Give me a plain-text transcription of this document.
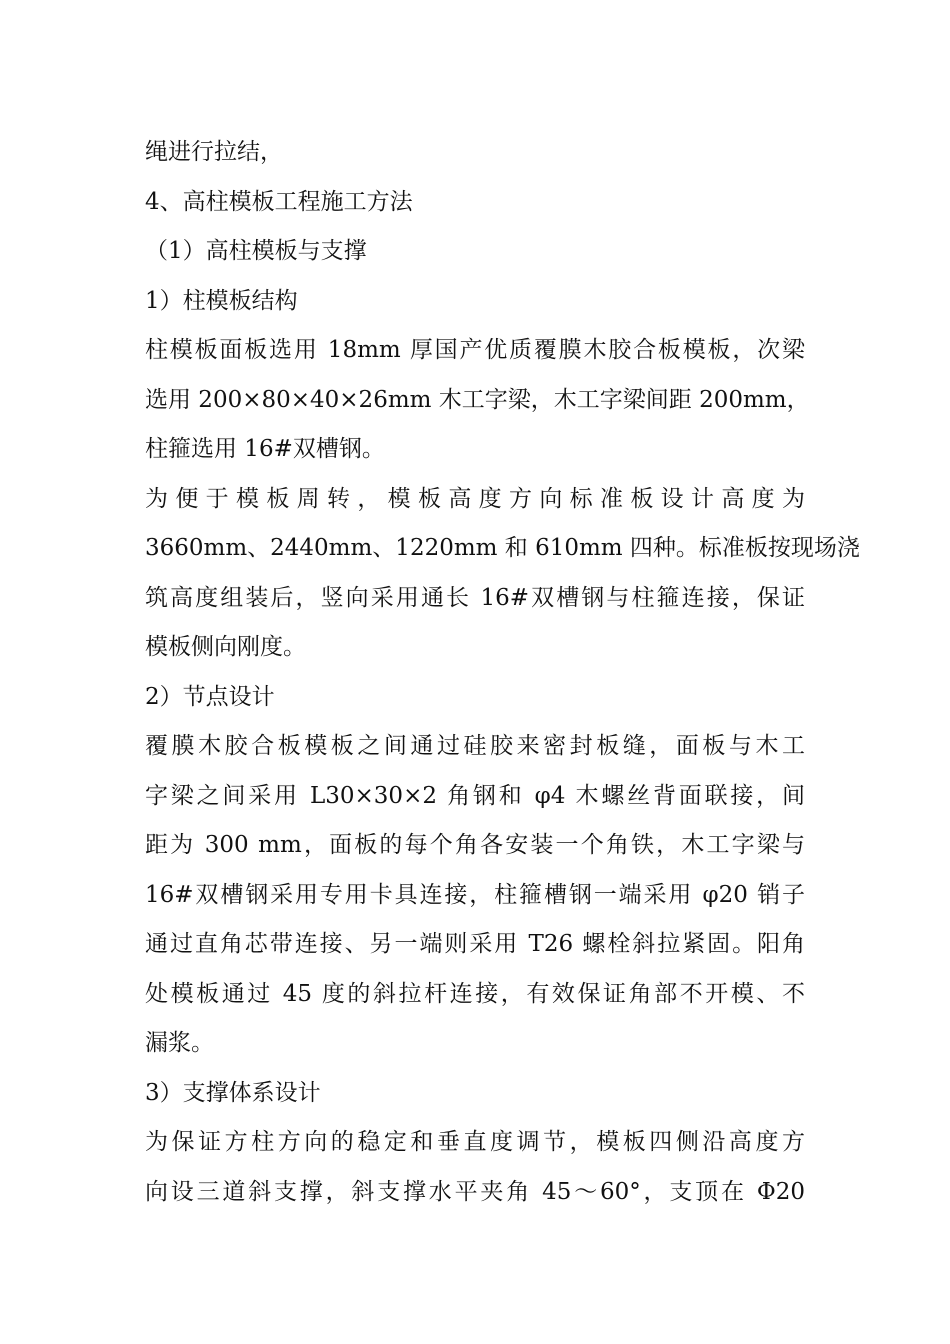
绳进行拉结，
4、高柱模板工程施工方法
（1）高柱模板与支撑
1）柱模板结构
柱模板面板选用 18mm 厚国产优质覆膜木胶合板模板，次梁
选用 200×80×40×26mm 木工字梁，木工字梁间距 200mm，
柱箍选用 16#双槽钢。
为便于模板周转，模板高度方向标准板设计高度为
3660mm、2440mm、1220mm 和 610mm 四种。标准板按现场浇
筑高度组装后，竖向采用通长 16#双槽钢与柱箍连接，保证
模板侧向刚度。
2）节点设计
覆膜木胶合板模板之间通过硅胶来密封板缝，面板与木工
字梁之间采用 L30×30×2 角钢和 φ4 木螺丝背面联接，间
距为 300 mm，面板的每个角各安装一个角铁，木工字梁与
16#双槽钢采用专用卡具连接，柱箍槽钢一端采用 φ20 销子
通过直角芯带连接、另一端则采用 T26 螺栓斜拉紧固。阳角
处模板通过 45 度的斜拉杆连接，有效保证角部不开模、不
漏浆。
3）支撑体系设计
为保证方柱方向的稳定和垂直度调节，模板四侧沿高度方
向设三道斜支撑，斜支撑水平夹角 45～60°，支顶在 Φ20
